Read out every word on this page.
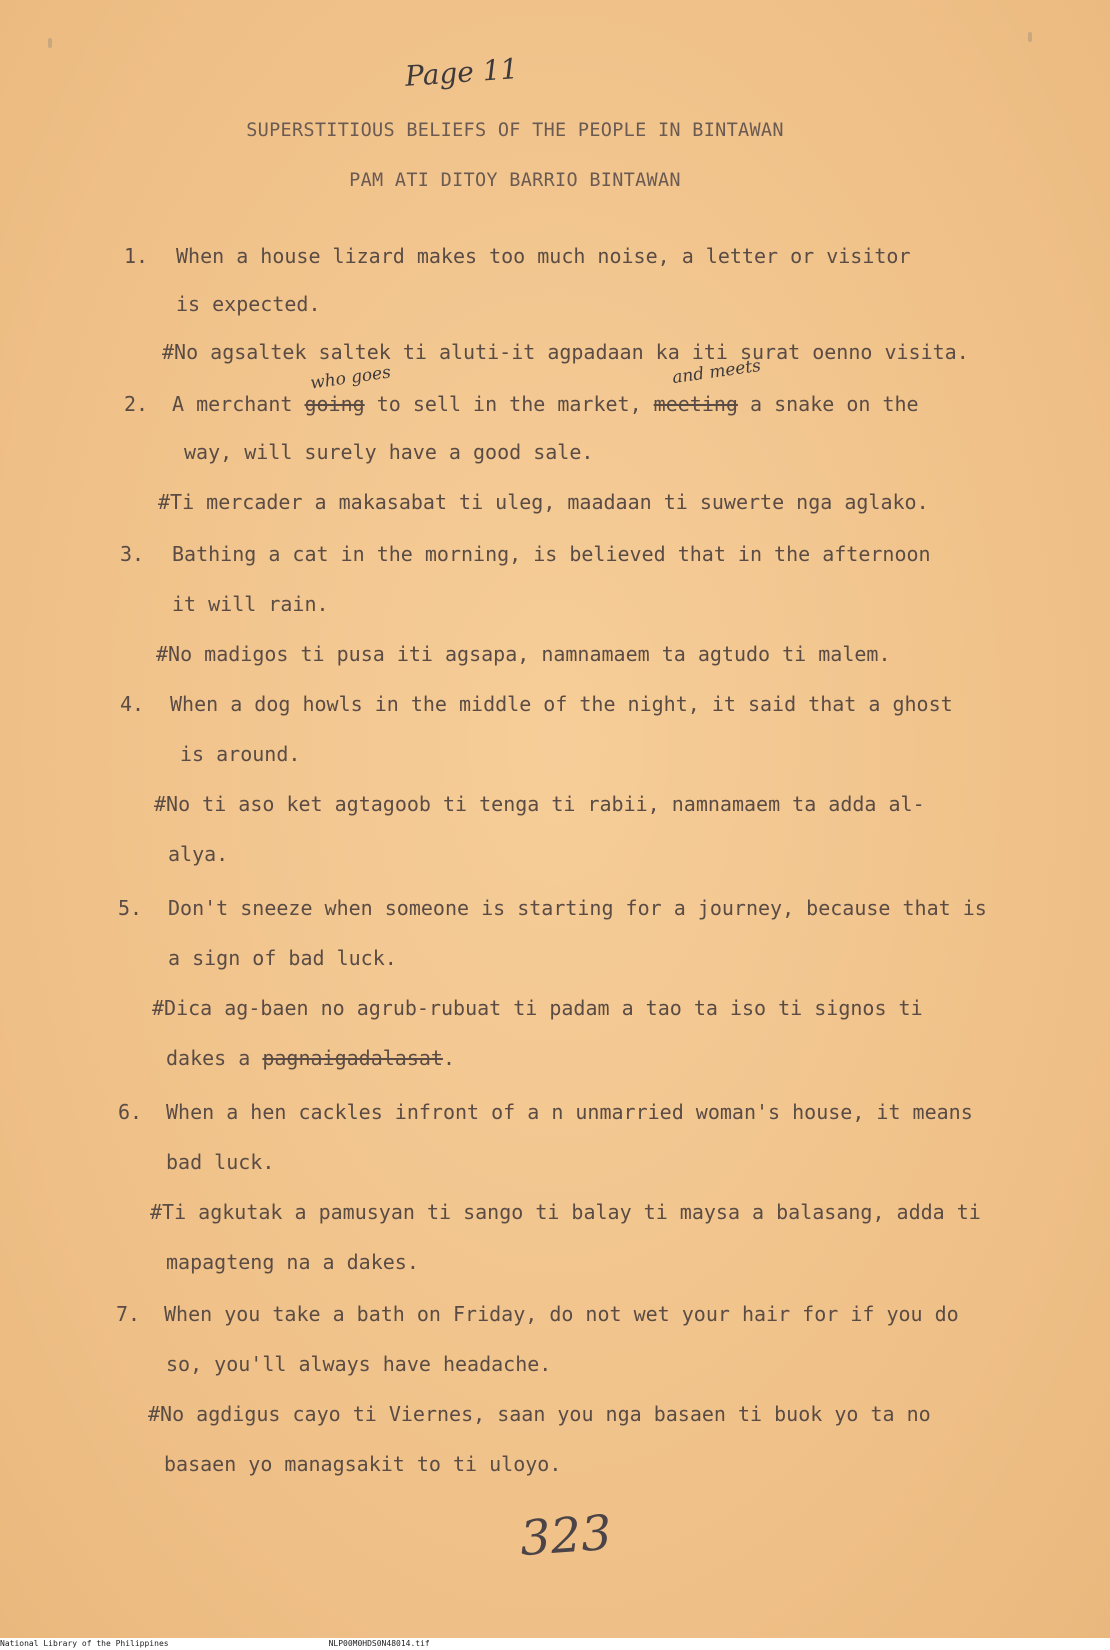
Page 11
SUPERSTITIOUS BELIEFS OF THE PEOPLE IN BINTAWAN
PAM ATI DITOY BARRIO BINTAWAN
1. When a house lizard makes too much noise, a letter or visitor
is expected.
#No agsaltek saltek ti aluti-it agpadaan ka iti surat oenno visita.
2. A merchant going to sell in the market, meeting a snake on the
who goes	and meets
way, will surely have a good sale.
#Ti mercader a makasabat ti uleg, maadaan ti suwerte nga aglako.
3. Bathing a cat in the morning, is believed that in the afternoon
it will rain.
#No madigos ti pusa iti agsapa, namnamaem ta agtudo ti malem.
4. When a dog howls in the middle of the night, it said that a ghost
is around.
#No ti aso ket agtagoob ti tenga ti rabii, namnamaem ta adda al-
alya.
5. Don't sneeze when someone is starting for a journey, because that is
a sign of bad luck.
#Dica ag-baen no agrub-rubuat ti padam a tao ta iso ti signos ti
dakes a pagnaigadalasat.
6. When a hen cackles infront of a n unmarried woman's house, it means
bad luck.
#Ti agkutak a pamusyan ti sango ti balay ti maysa a balasang, adda ti
mapagteng na a dakes.
7. When you take a bath on Friday, do not wet your hair for if you do
so, you'll always have headache.
#No agdigus cayo ti Viernes, saan you nga basaen ti buok yo ta no
basaen yo managsakit to ti uloyo.
323
National Library of the Philippines	NLP00M0HDS0N48014.tif
